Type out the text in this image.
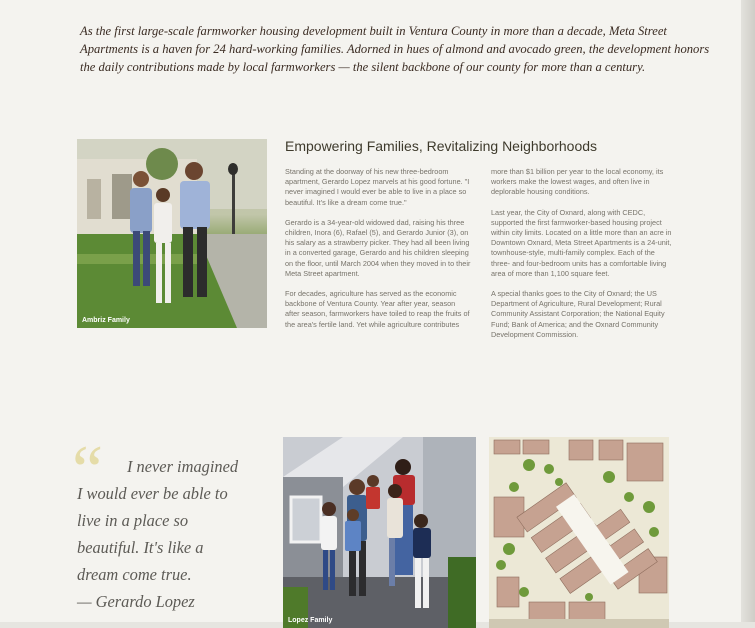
As the first large-scale farmworker housing development built in Ventura County in more than a decade, Meta Street Apartments is a haven for 24 hard-working families. Adorned in hues of almond and avocado green, the development honors the daily contributions made by local farmworkers — the silent backbone of our county for more than a century.

Ambriz Family
Empowering Families, Revitalizing Neighborhoods

Standing at the doorway of his new three-bedroom apartment, Gerardo Lopez marvels at his good fortune. "I never imagined I would ever be able to live in a place so beautiful. It's like a dream come true."

Gerardo is a 34-year-old widowed dad, raising his three children, Inora (6), Rafael (5), and Gerardo Junior (3), on his salary as a strawberry picker. They had all been living in a converted garage, Gerardo and his children sleeping on the floor, until March 2004 when they moved in to their Meta Street apartment.

For decades, agriculture has served as the economic backbone of Ventura County. Year after year, season after season, farmworkers have toiled to reap the fruits of the area's fertile land. Yet while agriculture contributes

more than $1 billion per year to the local economy, its workers make the lowest wages, and often live in deplorable housing conditions.

Last year, the City of Oxnard, along with CEDC, supported the first farmworker-based housing project within city limits. Located on a little more than an acre in Downtown Oxnard, Meta Street Apartments is a 24-unit, townhouse-style, multi-family complex. Each of the three- and four-bedroom units has a comfortable living area of more than 1,100 square feet.

A special thanks goes to the City of Oxnard; the US Department of Agriculture, Rural Development; Rural Community Assistant Corporation; the National Equity Fund; Bank of America; and the Oxnard Community Development Commission.

“	I never imagined
I would ever be able to
live in a place so
beautiful. It's like a
dream come true.
— Gerardo Lopez
Lopez Family
